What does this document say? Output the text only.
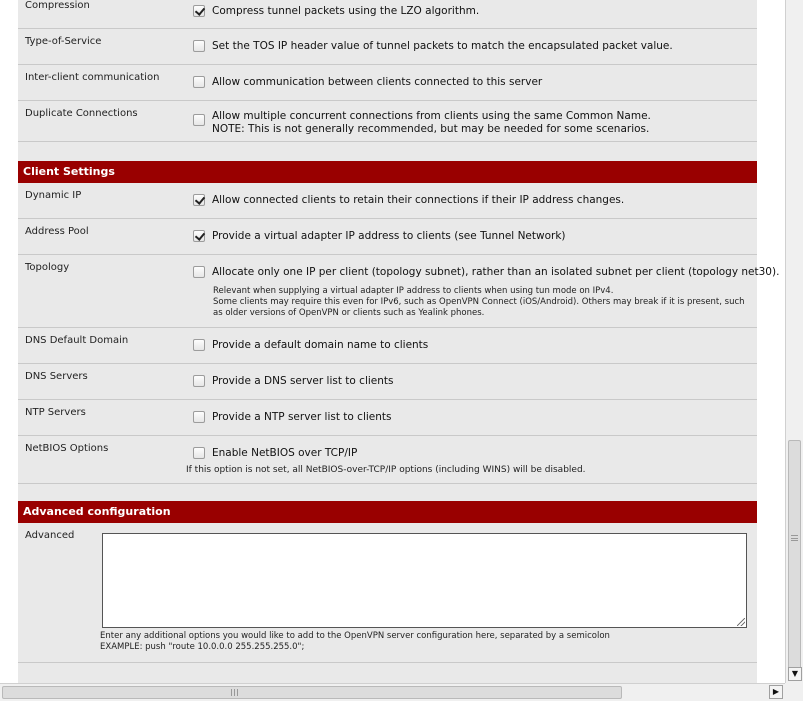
Compression	Compress tunnel packets using the LZO algorithm.
Type-of-Service	Set the TOS IP header value of tunnel packets to match the encapsulated packet value.
Inter-client communication	Allow communication between clients connected to this server
Duplicate Connections	Allow multiple concurrent connections from clients using the same Common Name.
NOTE: This is not generally recommended, but may be needed for some scenarios.
Client Settings
Dynamic IP	Allow connected clients to retain their connections if their IP address changes.
Address Pool	Provide a virtual adapter IP address to clients (see Tunnel Network)
Topology	Allocate only one IP per client (topology subnet), rather than an isolated subnet per client (topology net30).
Relevant when supplying a virtual adapter IP address to clients when using tun mode on IPv4.
Some clients may require this even for IPv6, such as OpenVPN Connect (iOS/Android). Others may break if it is present, such
as older versions of OpenVPN or clients such as Yealink phones.
DNS Default Domain	Provide a default domain name to clients
DNS Servers	Provide a DNS server list to clients
NTP Servers	Provide a NTP server list to clients
NetBIOS Options	Enable NetBIOS over TCP/IP
If this option is not set, all NetBIOS-over-TCP/IP options (including WINS) will be disabled.
Advanced configuration
Advanced
Enter any additional options you would like to add to the OpenVPN server configuration here, separated by a semicolon
EXAMPLE: push "route 10.0.0.0 255.255.255.0";
▼
▶
